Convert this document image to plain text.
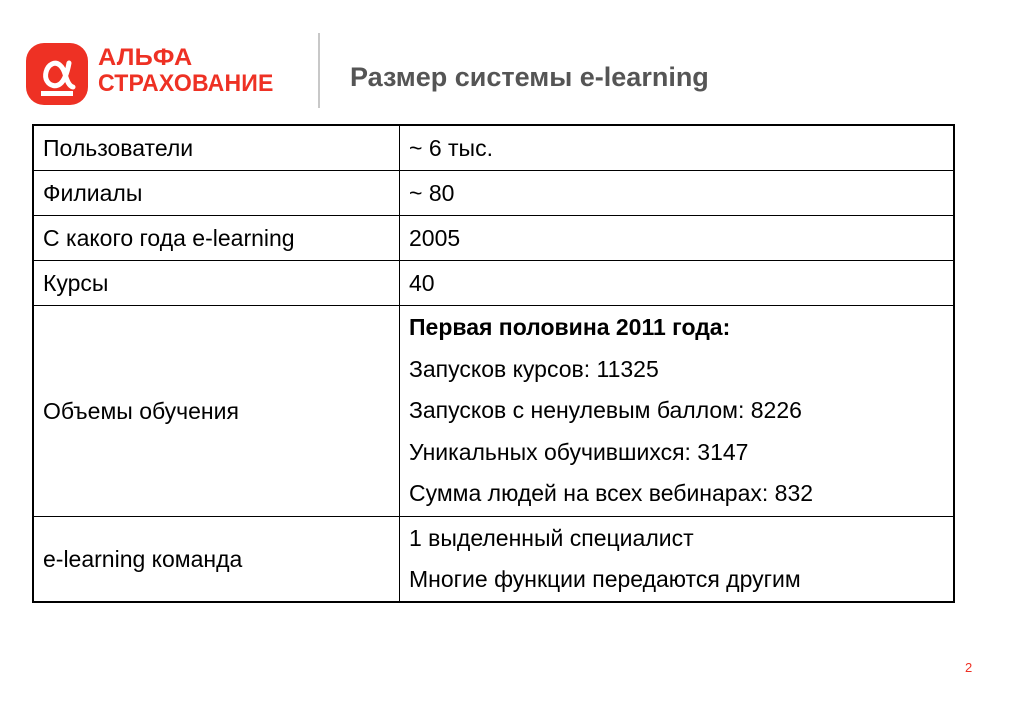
АЛЬФА
СТРАХОВАНИЕ	Размер системы e-learning
Пользователи	~ 6 тыс.
Филиалы	~ 80
С какого года e-learning	2005
Курсы	40
Объемы обучения	Первая половина 2011 года:
Запусков курсов: 11325
Запусков с ненулевым баллом: 8226
Уникальных обучившихся: 3147
Сумма людей на всех вебинарах: 832

e-learning команда	1 выделенный специалист
Многие функции передаются другим
2
